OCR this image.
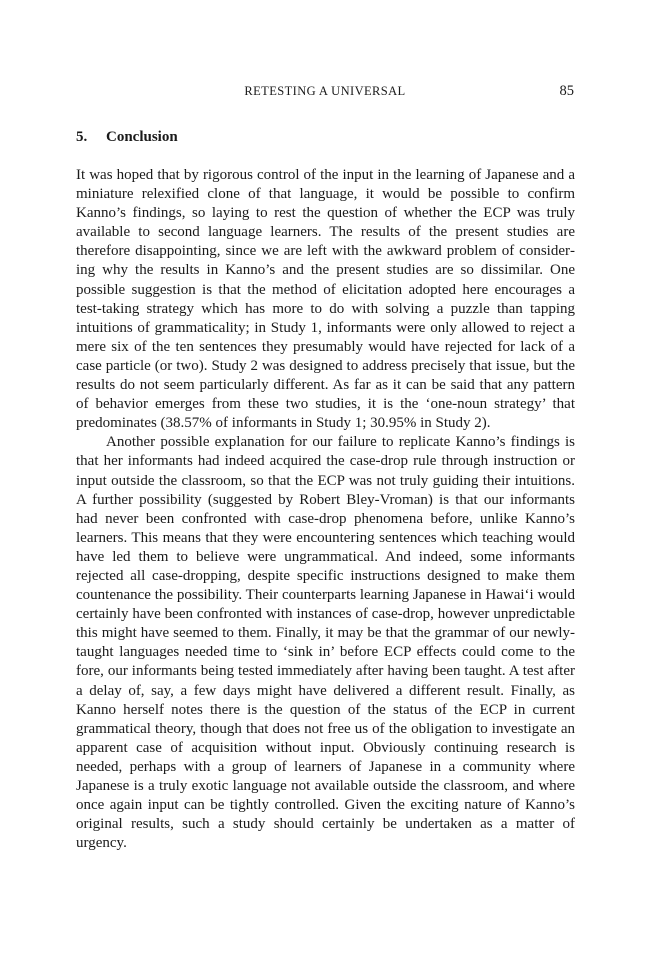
RETESTING A UNIVERSAL	85
5. Conclusion

It was hoped that by rigorous control of the input in the learning of Japanese and a miniature relexified clone of that language, it would be possible to confirm Kanno’s findings, so laying to rest the question of whether the ECP was truly available to second language learners. The results of the present studies are therefore disappointing, since we are left with the awkward problem of considering why the results in Kanno’s and the present studies are so dissimilar. One possible suggestion is that the method of elicitation adopted here encourages a test-taking strategy which has more to do with solving a puzzle than tapping intuitions of grammaticality; in Study 1, informants were only allowed to reject a mere six of the ten sentences they presumably would have rejected for lack of a case particle (or two). Study 2 was designed to address precisely that issue, but the results do not seem particularly different. As far as it can be said that any pattern of behavior emerges from these two studies, it is the ‘one-noun strategy’ that predominates (38.57% of informants in Study 1; 30.95% in Study 2).

Another possible explanation for our failure to replicate Kanno’s findings is that her informants had indeed acquired the case-drop rule through instruction or input outside the classroom, so that the ECP was not truly guiding their intuitions. A further possibility (suggested by Robert Bley-Vroman) is that our informants had never been confronted with case-drop phenomena before, unlike Kanno’s learners. This means that they were encountering sentences which teaching would have led them to believe were ungrammatical. And indeed, some informants rejected all case-dropping, despite specific instructions designed to make them countenance the possibility. Their counterparts learning Japanese in Hawai‘i would certainly have been confronted with instances of case-drop, however unpredictable this might have seemed to them. Finally, it may be that the grammar of our newly-taught languages needed time to ‘sink in’ before ECP effects could come to the fore, our informants being tested immediately after having been taught. A test after a delay of, say, a few days might have delivered a different result. Finally, as Kanno herself notes there is the question of the status of the ECP in current grammatical theory, though that does not free us of the obligation to investigate an apparent case of acquisition without input. Obviously continuing research is needed, perhaps with a group of learners of Japanese in a community where Japanese is a truly exotic language not available outside the classroom, and where once again input can be tightly controlled. Given the exciting nature of Kanno’s original results, such a study should certainly be undertaken as a matter of urgency.
